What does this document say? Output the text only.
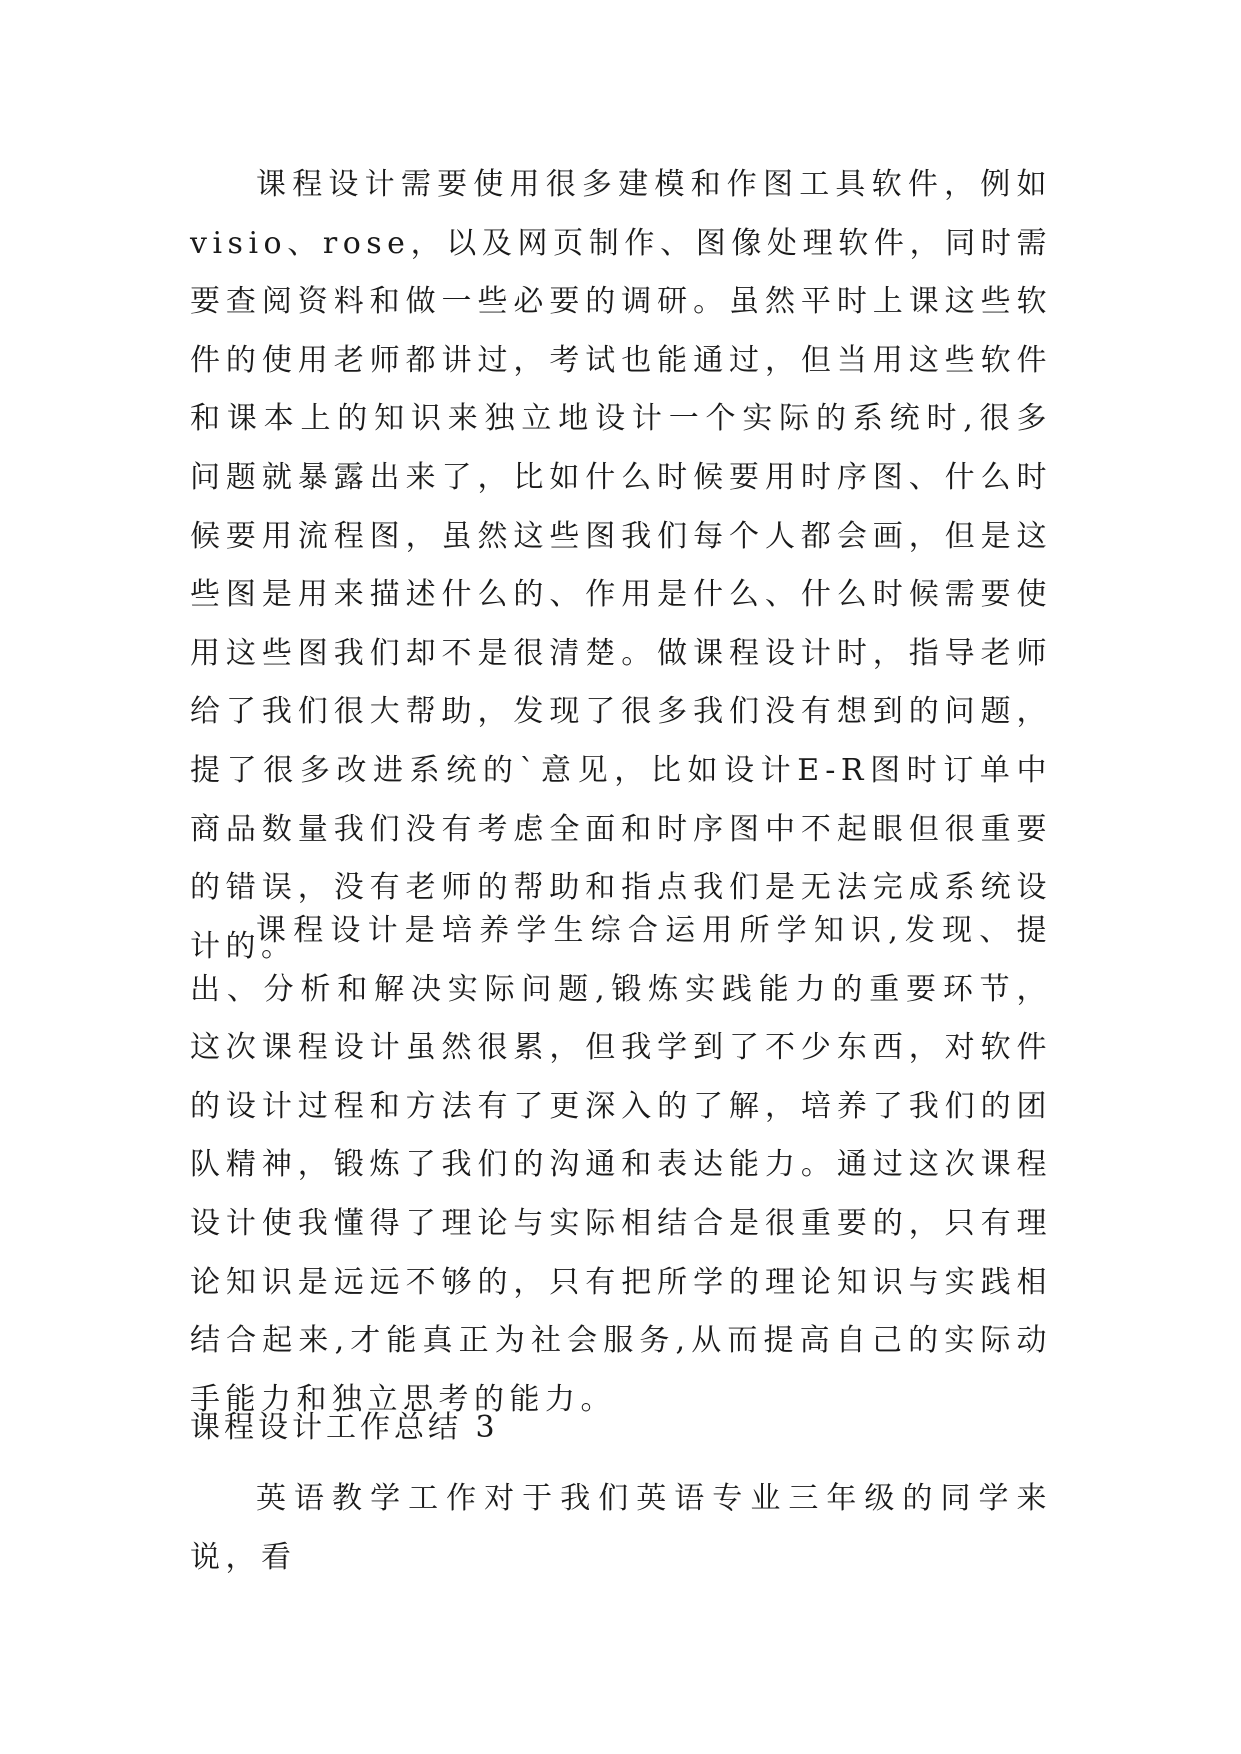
课程设计需要使用很多建模和作图工具软件，例如visio、rose，以及网页制作、图像处理软件，同时需要查阅资料和做一些必要的调研。虽然平时上课这些软件的使用老师都讲过，考试也能通过，但当用这些软件和课本上的知识来独立地设计一个实际的系统时,很多问题就暴露出来了，比如什么时候要用时序图、什么时候要用流程图，虽然这些图我们每个人都会画，但是这些图是用来描述什么的、作用是什么、什么时候需要使用这些图我们却不是很清楚。做课程设计时，指导老师给了我们很大帮助，发现了很多我们没有想到的问题，提了很多改进系统的`意见，比如设计E-R图时订单中商品数量我们没有考虑全面和时序图中不起眼但很重要的错误，没有老师的帮助和指点我们是无法完成系统设计的。

课程设计是培养学生综合运用所学知识,发现、提出、分析和解决实际问题,锻炼实践能力的重要环节，这次课程设计虽然很累，但我学到了不少东西，对软件的设计过程和方法有了更深入的了解，培养了我们的团队精神，锻炼了我们的沟通和表达能力。通过这次课程设计使我懂得了理论与实际相结合是很重要的，只有理论知识是远远不够的，只有把所学的理论知识与实践相结合起来,才能真正为社会服务,从而提高自己的实际动手能力和独立思考的能力。

课程设计工作总结 3

英语教学工作对于我们英语专业三年级的同学来说，看
